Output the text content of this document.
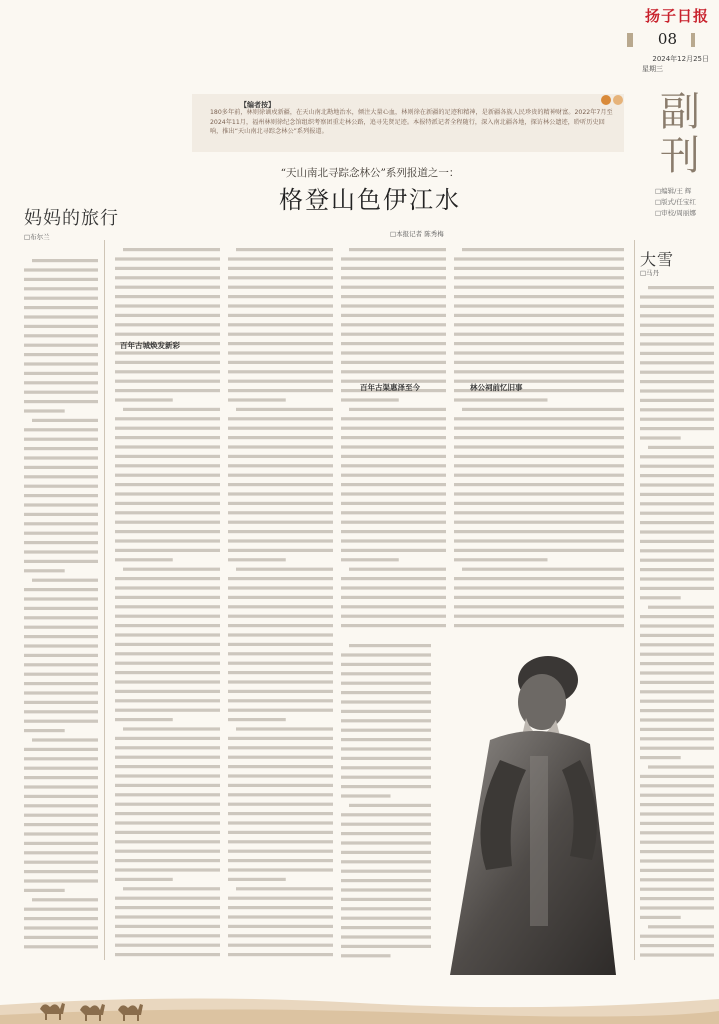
扬子日报
08
2024年12月25日
星期三
副刊
□编辑/王 辉
□版式/任宝红
□审校/周丽娜
【编者按】
180多年前，林则徐谪戍新疆，在天山南北勘地治水，倾注大量心血，林则徐在新疆的足迹和精神，是新疆各族人民珍贵的精神财富。2022年7月至2024年11月，福州林则徐纪念馆组织考察团重走林公路，追寻先贤足迹。本报特派记者全程随行，深入南北疆各地，探访林公遗迹，聆听历史回响，推出“天山南北寻踪念林公”系列报道。
“天山南北寻踪念林公”系列报道之一：
格登山色伊江水
□本报记者 陈秀梅
妈妈的旅行
□布尔兰
大雪
□马丹
百年古城焕发新彩
百年古渠惠泽至今	林公祠前忆旧事
